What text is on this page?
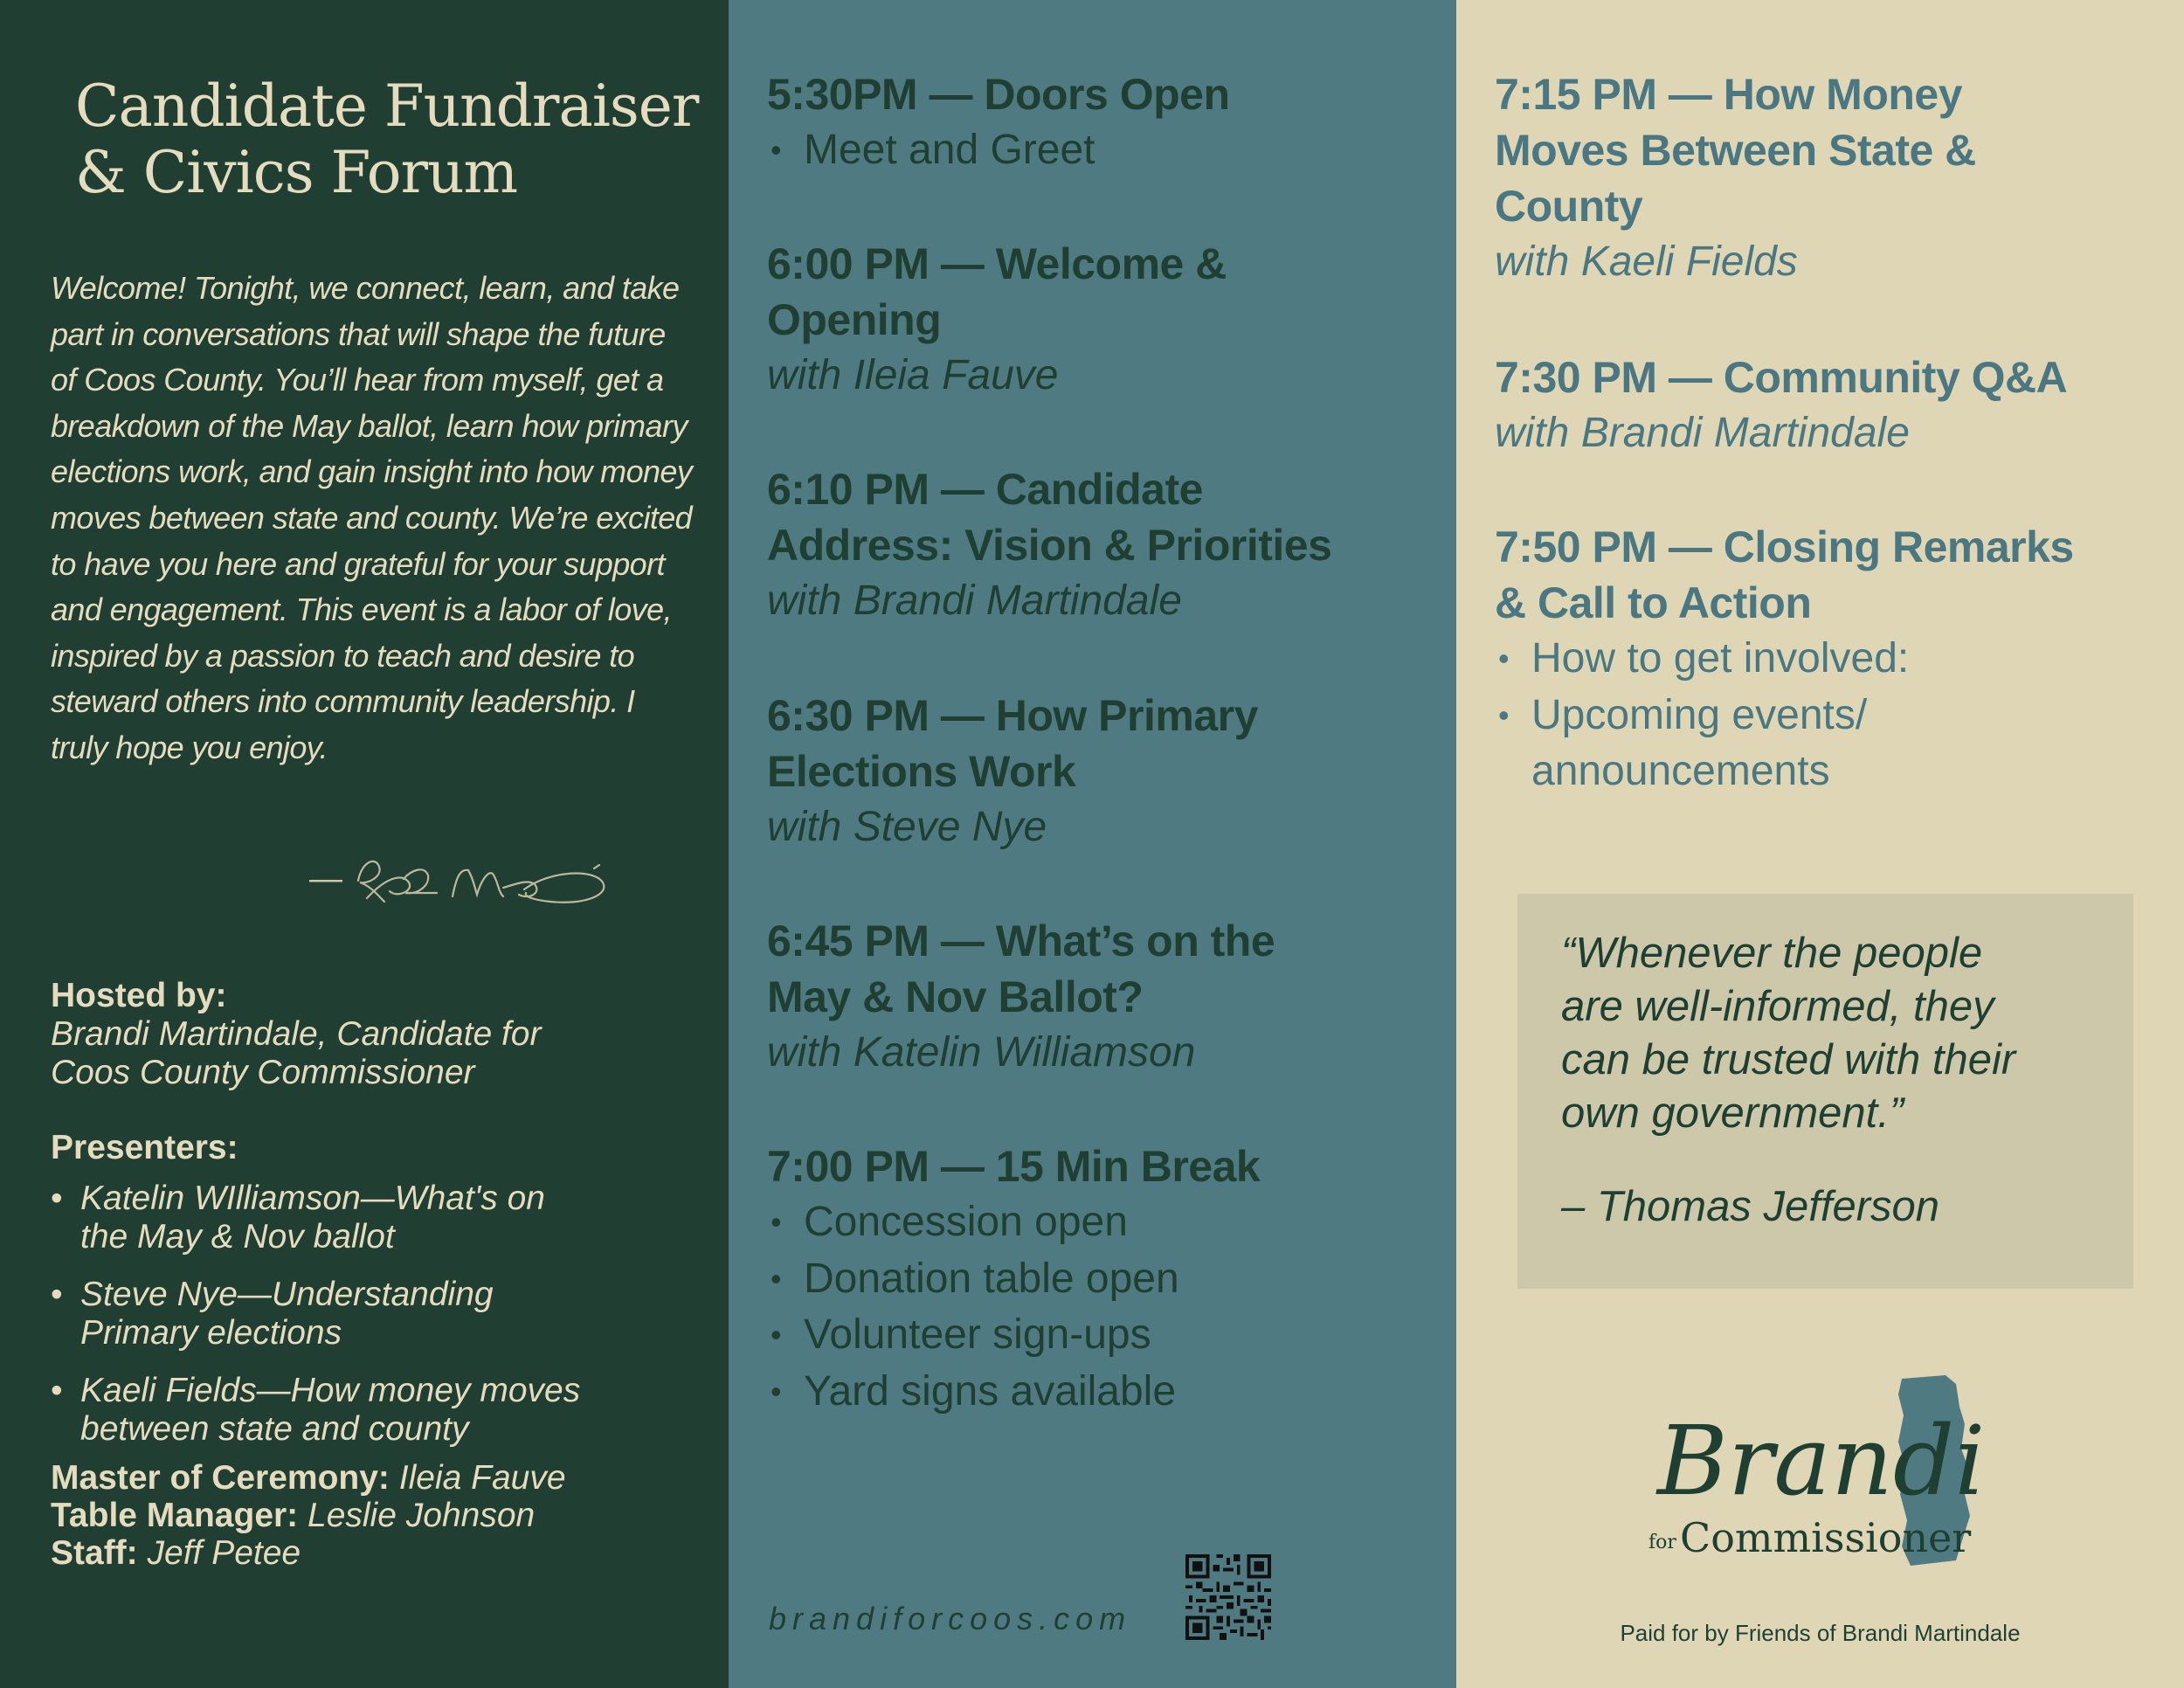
Candidate Fundraiser
& Civics Forum
Welcome! Tonight, we connect, learn, and take part in conversations that will shape the future of Coos County. You’ll hear from myself, get a breakdown of the May ballot, learn how primary elections work, and gain insight into how money moves between state and county. We’re excited to have you here and grateful for your support and engagement. This event is a labor of love, inspired by a passion to teach and desire to steward others into community leadership. I truly hope you enjoy.
—
Hosted by:
Brandi Martindale, Candidate for
Coos County Commissioner
Presenters:
• Katelin WIlliamson—What's on
the May & Nov ballot
• Steve Nye—Understanding
Primary elections
• Kaeli Fields—How money moves
between state and county
Master of Ceremony: Ileia Fauve
Table Manager: Leslie Johnson
Staff: Jeff Petee
5:30PM — Doors Open
• Meet and Greet
6:00 PM — Welcome &
Opening
with Ileia Fauve
6:10 PM — Candidate
Address: Vision & Priorities
with Brandi Martindale
6:30 PM — How Primary
Elections Work
with Steve Nye
6:45 PM — What’s on the
May & Nov Ballot?
with Katelin Williamson
7:00 PM — 15 Min Break
• Concession open
• Donation table open
• Volunteer sign-ups
• Yard signs available
brandiforcoos.com
7:15 PM — How Money
Moves Between State &
County
with Kaeli Fields
7:30 PM — Community Q&A
with Brandi Martindale
7:50 PM — Closing Remarks
& Call to Action
• How to get involved:
• Upcoming events/
announcements
“Whenever the people
are well-informed, they
can be trusted with their
own government.”
– Thomas Jefferson
Brandi
for Commissioner
Paid for by Friends of Brandi Martindale
